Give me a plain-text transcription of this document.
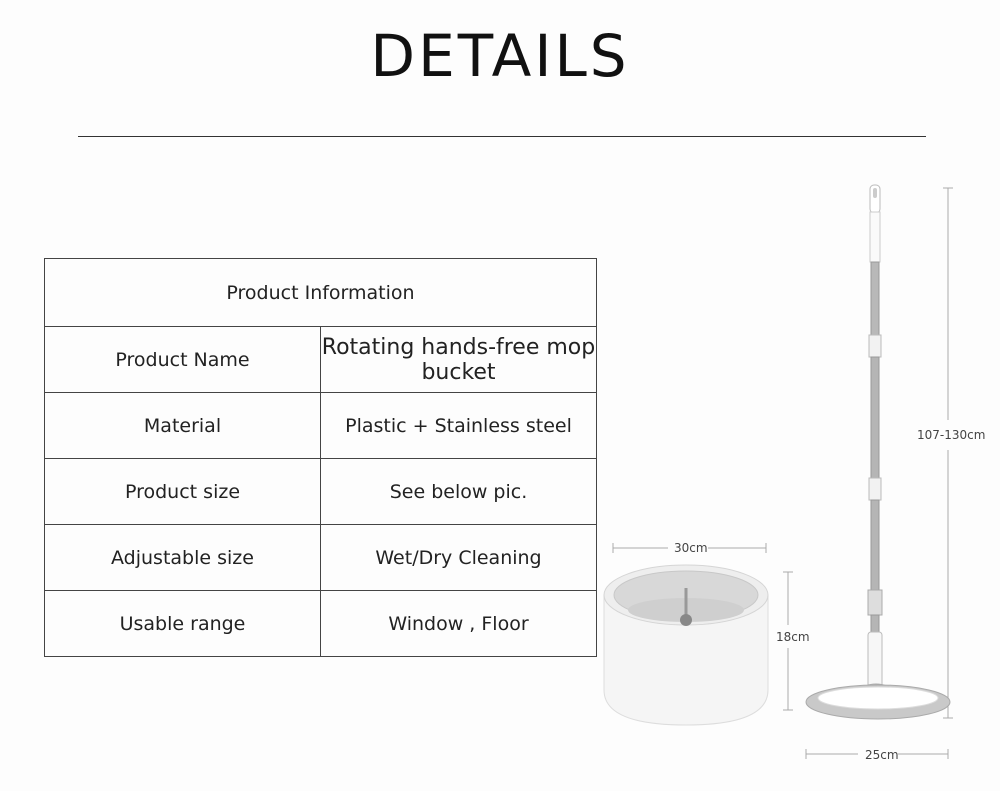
DETAILS
Product Information	
Product Name	Rotating hands-free mop bucket
Material	Plastic + Stainless steel
Product size	See below pic.
Adjustable size	Wet/Dry Cleaning
Usable range	Window , Floor
30cm
18cm
107-130cm
25cm
